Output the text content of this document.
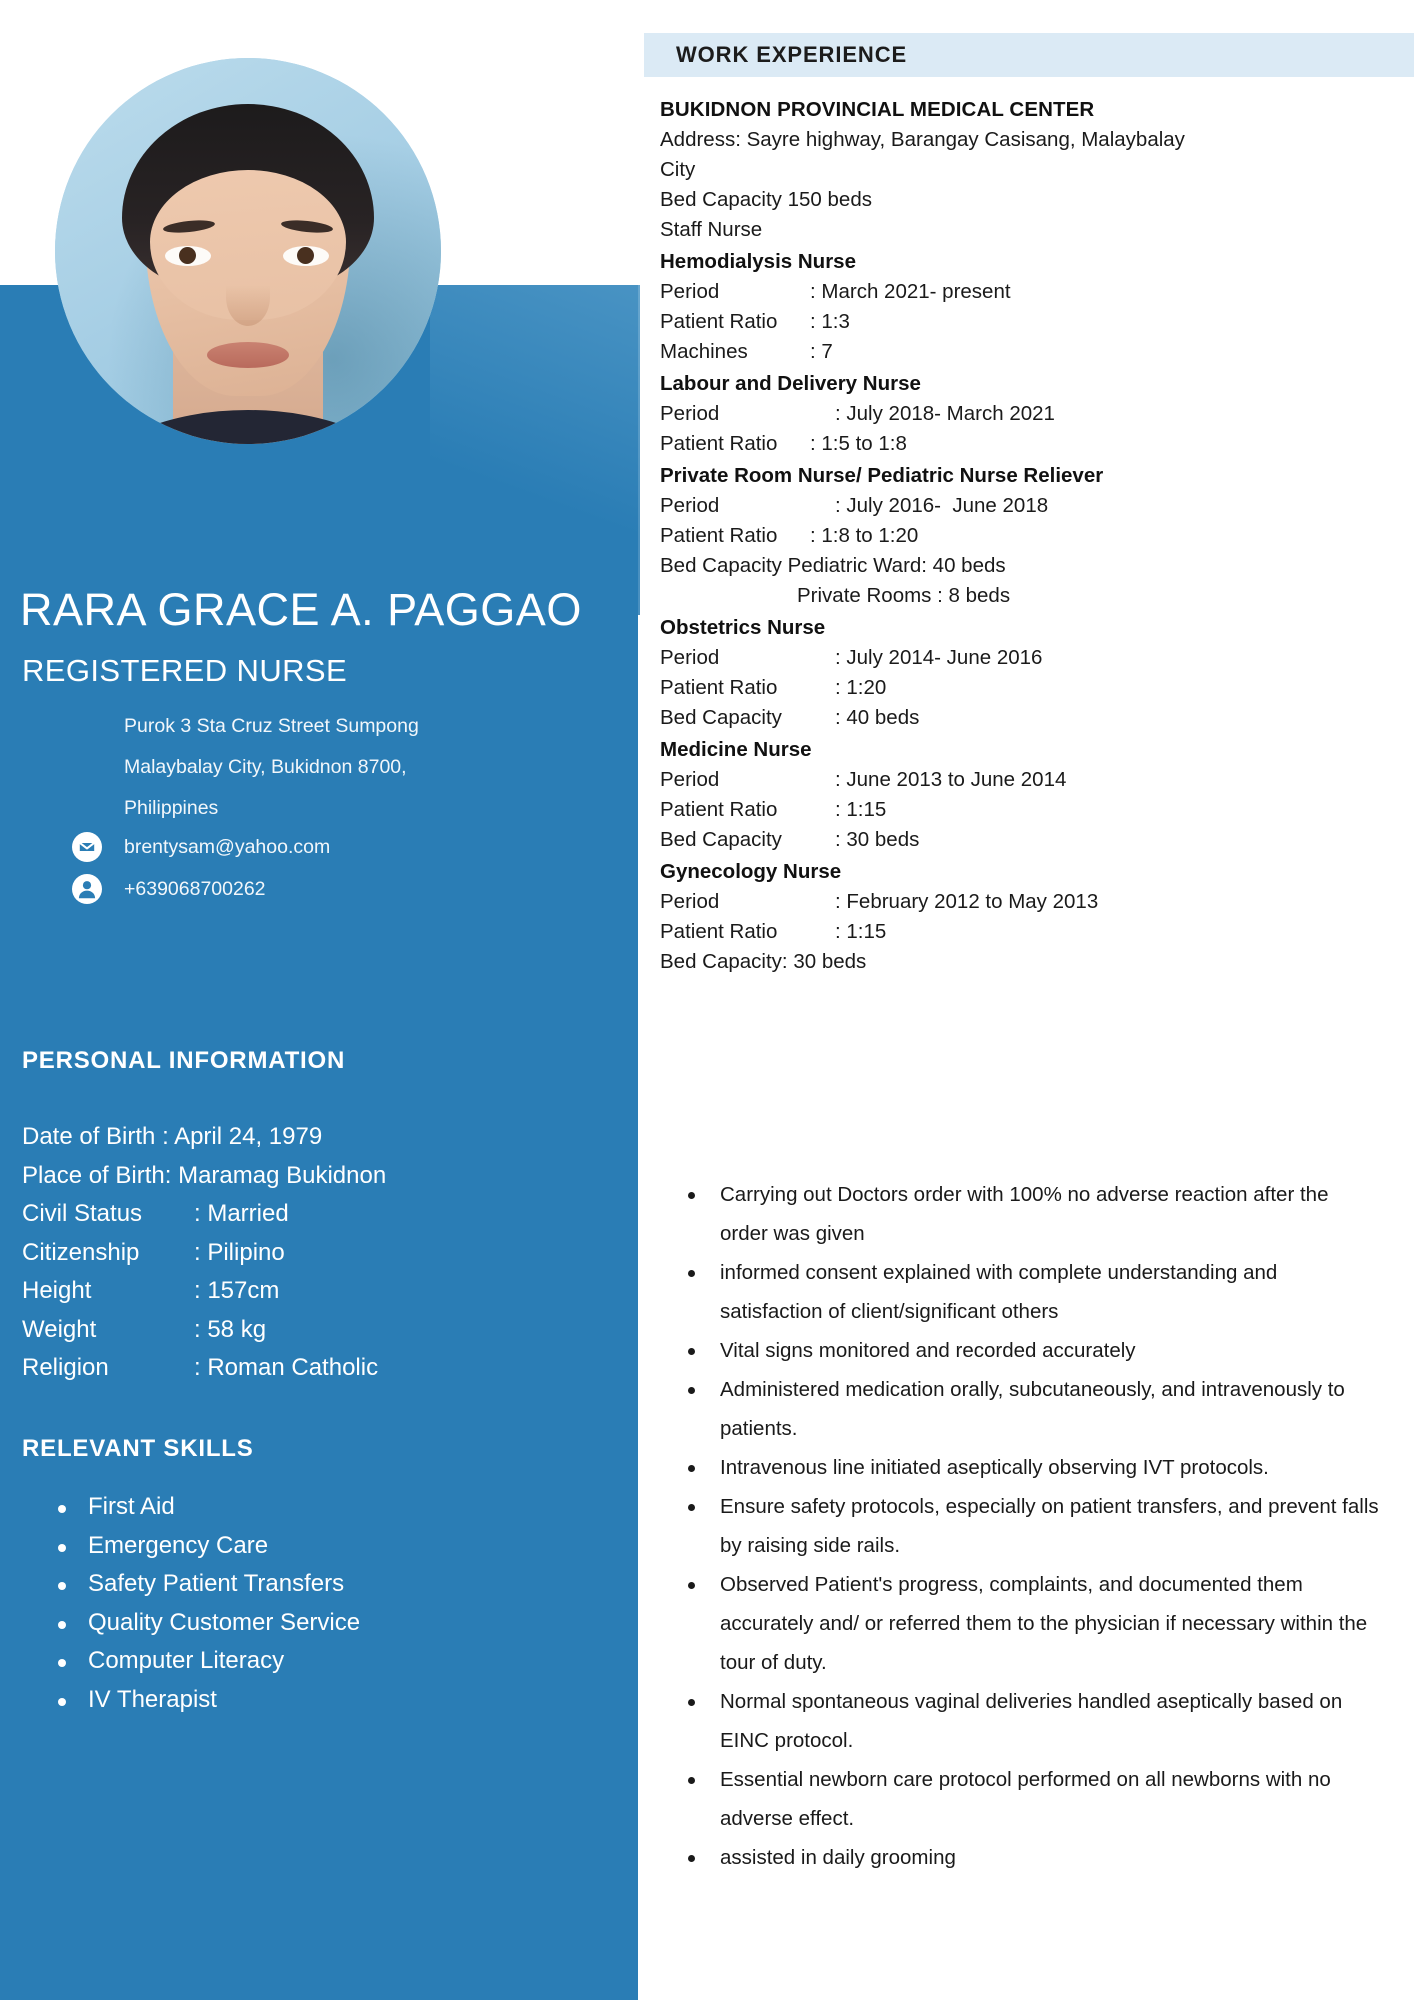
RARA GRACE A. PAGGAO
REGISTERED NURSE
Purok 3 Sta Cruz Street Sumpong
Malaybalay City, Bukidnon 8700,
Philippines
brentysam@yahoo.com
+639068700262
PERSONAL INFORMATION
Date of Birth : April 24, 1979
Place of Birth: Maramag Bukidnon
Civil Status	: Married
Citizenship	: Pilipino
Height	: 157cm
Weight	: 58 kg
Religion	: Roman Catholic
RELEVANT SKILLS
First Aid
Emergency Care
Safety Patient Transfers
Quality Customer Service
Computer Literacy
IV Therapist
WORK EXPERIENCE
BUKIDNON PROVINCIAL MEDICAL CENTER
Address: Sayre highway, Barangay Casisang, Malaybalay
City
Bed Capacity 150 beds
Staff Nurse
Hemodialysis Nurse
Period	: March 2021- present
Patient Ratio	: 1:3
Machines	: 7
Labour and Delivery Nurse
Period	: July 2018- March 2021
Patient Ratio	: 1:5 to 1:8
Private Room Nurse/ Pediatric Nurse Reliever
Period	: July 2016-  June 2018
Patient Ratio	: 1:8 to 1:20
Bed Capacity Pediatric Ward: 40 beds
Private Rooms : 8 beds
Obstetrics Nurse
Period	: July 2014- June 2016
Patient Ratio	: 1:20
Bed Capacity	: 40 beds
Medicine Nurse
Period	: June 2013 to June 2014
Patient Ratio	: 1:15
Bed Capacity	: 30 beds
Gynecology Nurse
Period	: February 2012 to May 2013
Patient Ratio	: 1:15
Bed Capacity: 30 beds
Carrying out Doctors order with 100% no adverse reaction after the order was given
informed consent explained with complete understanding and satisfaction of client/significant others
Vital signs monitored and recorded accurately
Administered medication orally, subcutaneously, and intravenously to patients.
Intravenous line initiated aseptically observing IVT protocols.
Ensure safety protocols, especially on patient transfers, and prevent falls by raising side rails.
Observed Patient's progress, complaints, and documented them accurately and/ or referred them to the physician if necessary within the tour of duty.
Normal spontaneous vaginal deliveries handled aseptically based on EINC protocol.
Essential newborn care protocol performed on all newborns with no adverse effect.
assisted in daily grooming
